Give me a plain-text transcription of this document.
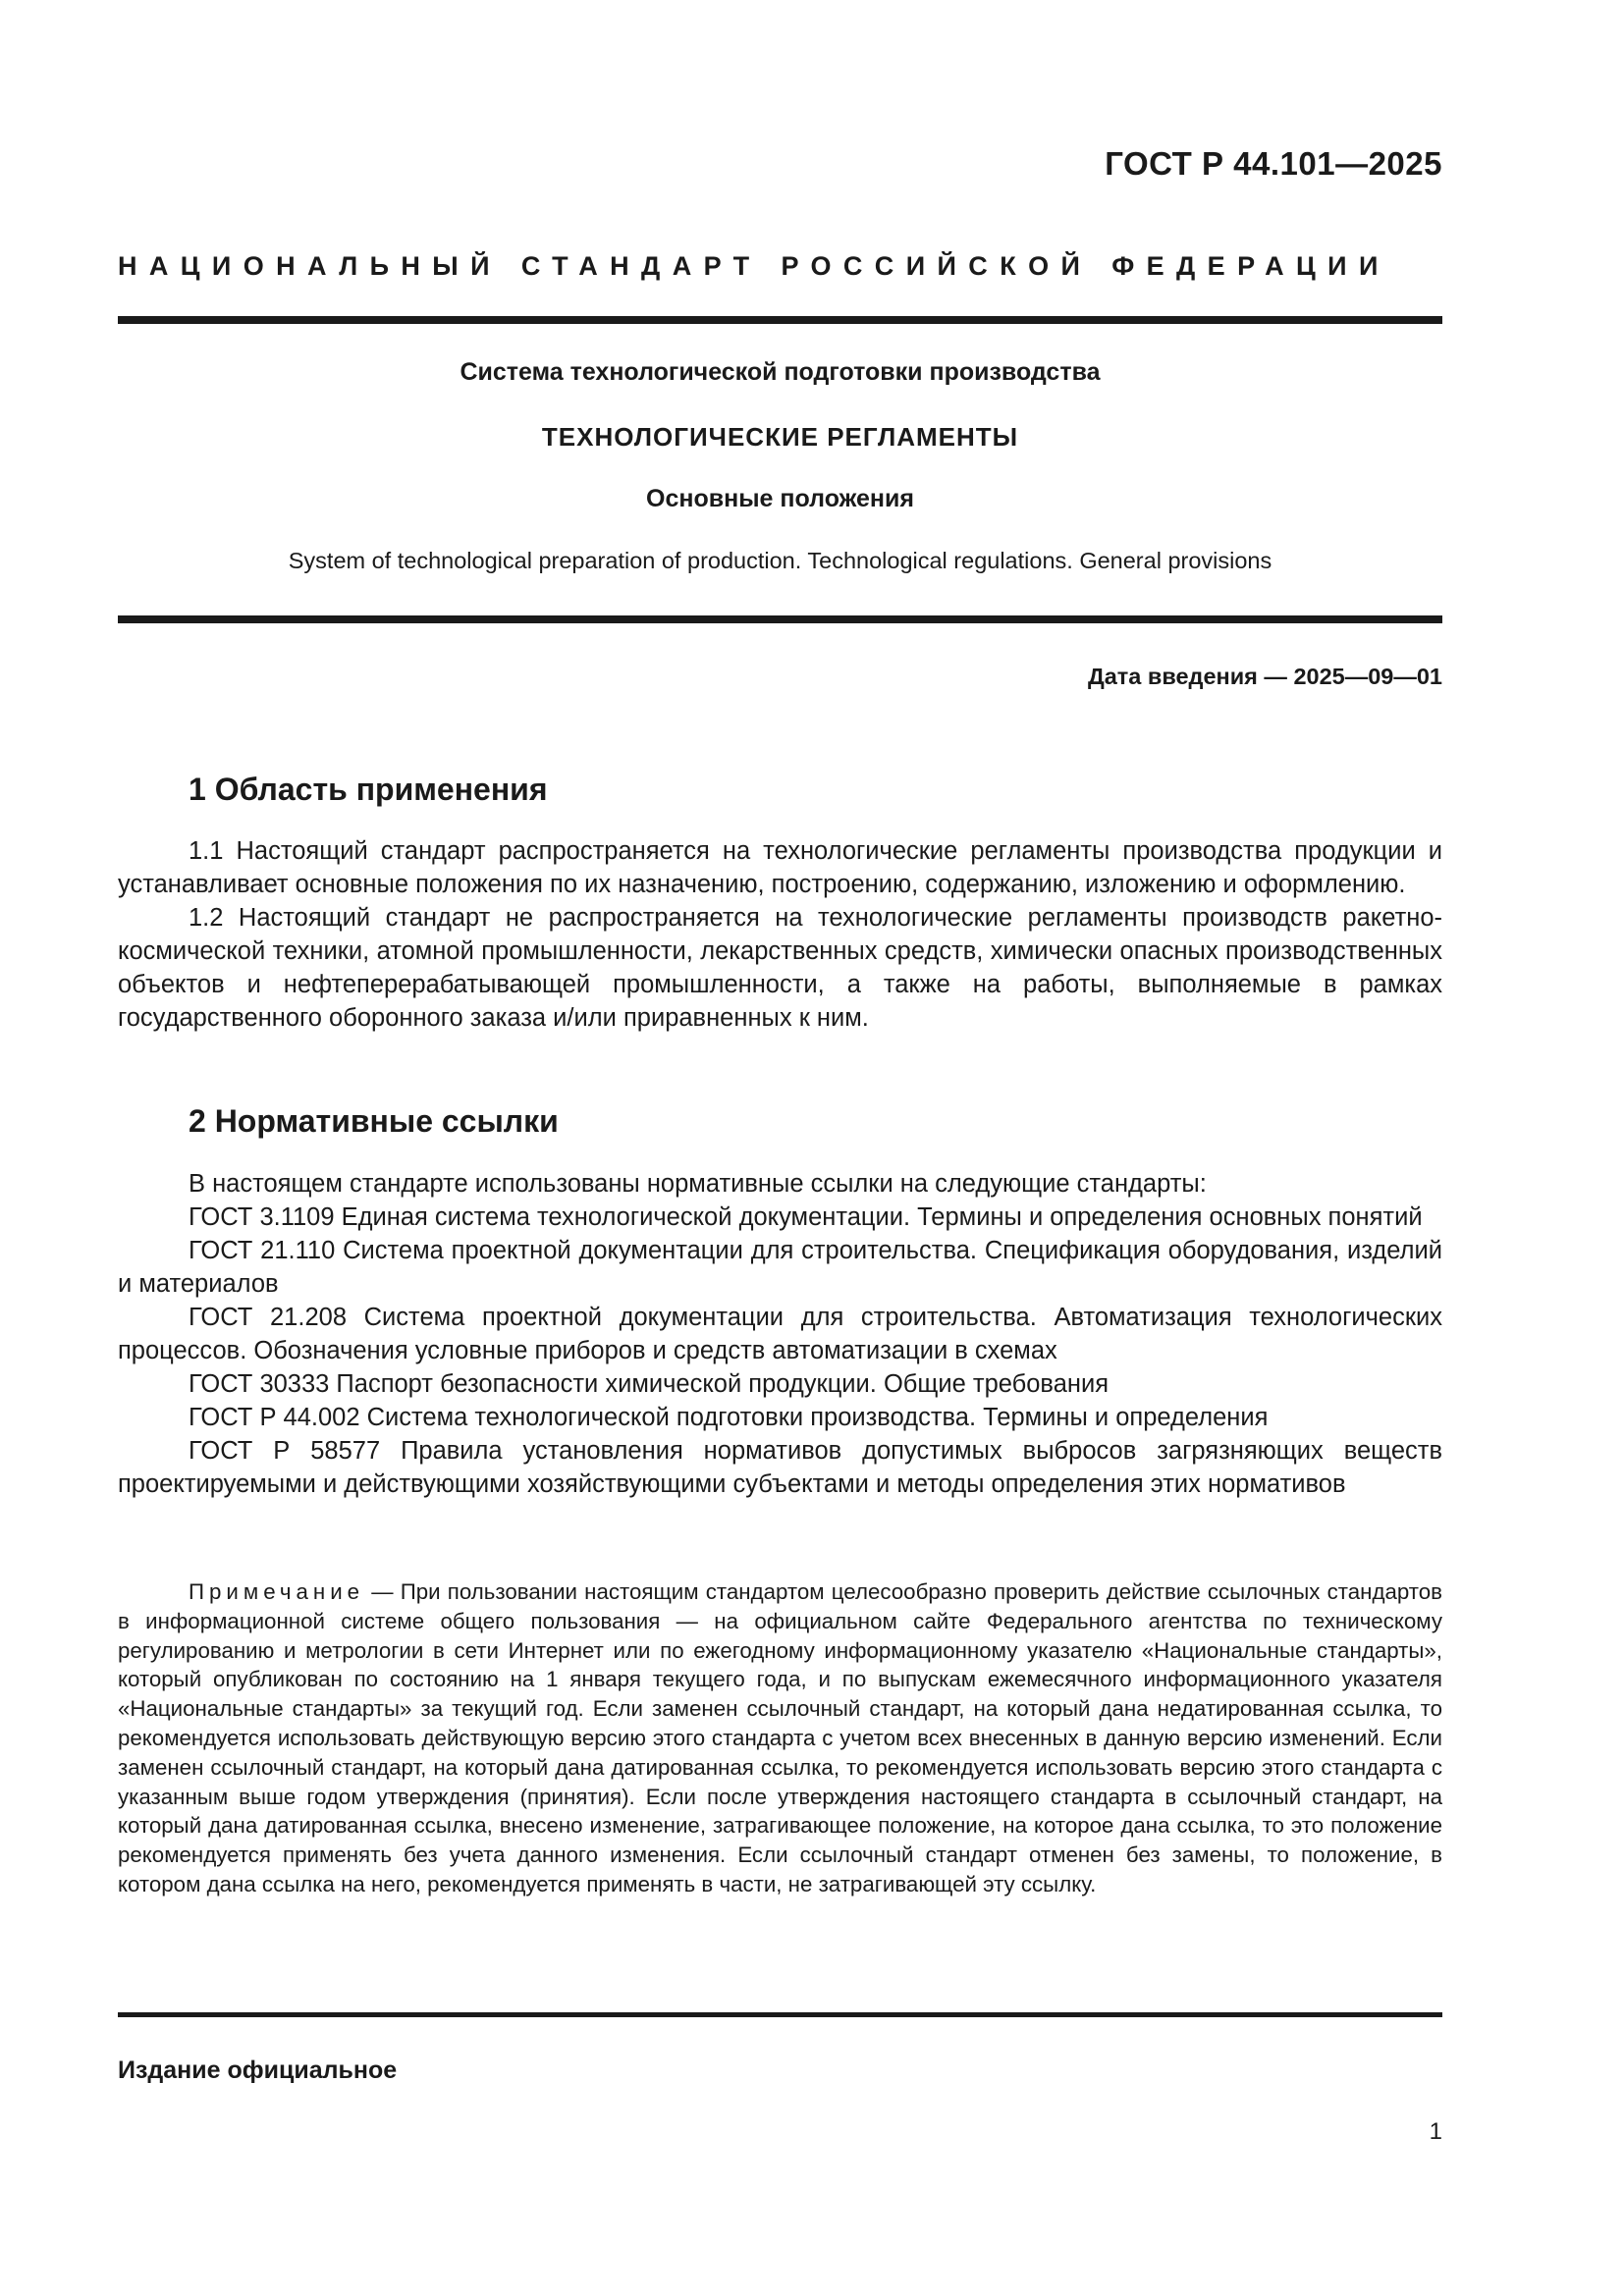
ГОСТ Р 44.101—2025
НАЦИОНАЛЬНЫЙ СТАНДАРТ РОССИЙСКОЙ ФЕДЕРАЦИИ
Система технологической подготовки производства
ТЕХНОЛОГИЧЕСКИЕ РЕГЛАМЕНТЫ
Основные положения
System of technological preparation of production. Technological regulations. General provisions
Дата введения — 2025—09—01
1 Область применения

1.1 Настоящий стандарт распространяется на технологические регламенты производства продукции и устанавливает основные положения по их назначению, построению, содержанию, изложению и оформлению.

1.2 Настоящий стандарт не распространяется на технологические регламенты производств ракетно-космической техники, атомной промышленности, лекарственных средств, химически опасных производственных объектов и нефтеперерабатывающей промышленности, а также на работы, выполняемые в рамках государственного оборонного заказа и/или приравненных к ним.

2 Нормативные ссылки

В настоящем стандарте использованы нормативные ссылки на следующие стандарты:

ГОСТ 3.1109 Единая система технологической документации. Термины и определения основных понятий

ГОСТ 21.110 Система проектной документации для строительства. Спецификация оборудования, изделий и материалов

ГОСТ 21.208 Система проектной документации для строительства. Автоматизация технологических процессов. Обозначения условные приборов и средств автоматизации в схемах

ГОСТ 30333 Паспорт безопасности химической продукции. Общие требования

ГОСТ Р 44.002 Система технологической подготовки производства. Термины и определения

ГОСТ Р 58577 Правила установления нормативов допустимых выбросов загрязняющих веществ проектируемыми и действующими хозяйствующими субъектами и методы определения этих нормативов

Примечание — При пользовании настоящим стандартом целесообразно проверить действие ссылочных стандартов в информационной системе общего пользования — на официальном сайте Федерального агентства по техническому регулированию и метрологии в сети Интернет или по ежегодному информационному указателю «Национальные стандарты», который опубликован по состоянию на 1 января текущего года, и по выпускам ежемесячного информационного указателя «Национальные стандарты» за текущий год. Если заменен ссылочный стандарт, на который дана недатированная ссылка, то рекомендуется использовать действующую версию этого стандарта с учетом всех внесенных в данную версию изменений. Если заменен ссылочный стандарт, на который дана датированная ссылка, то рекомендуется использовать версию этого стандарта с указанным выше годом утверждения (принятия). Если после утверждения настоящего стандарта в ссылочный стандарт, на который дана датированная ссылка, внесено изменение, затрагивающее положение, на которое дана ссылка, то это положение рекомендуется применять без учета данного изменения. Если ссылочный стандарт отменен без замены, то положение, в котором дана ссылка на него, рекомендуется применять в части, не затрагивающей эту ссылку.

Издание официальное
1
